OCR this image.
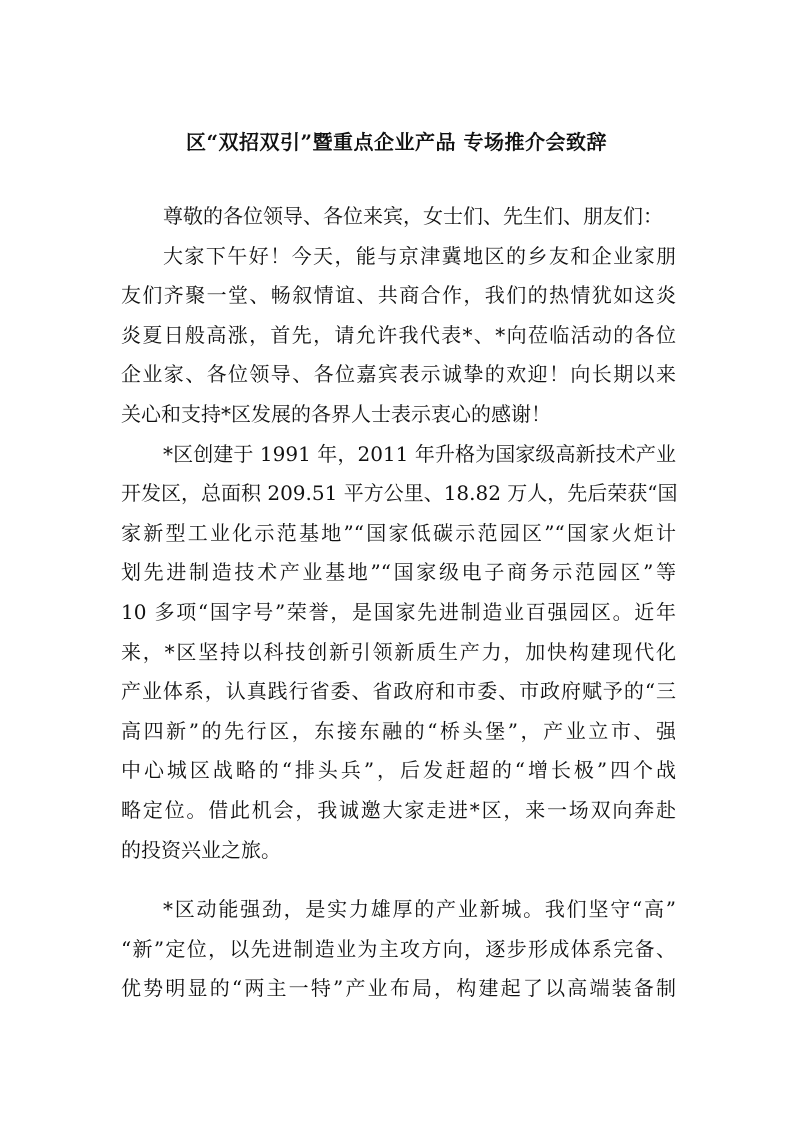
区“双招双引”暨重点企业产品 专场推介会致辞
尊敬的各位领导、各位来宾，女士们、先生们、朋友们：
大家下午好！今天，能与京津冀地区的乡友和企业家朋
友们齐聚一堂、畅叙情谊、共商合作，我们的热情犹如这炎
炎夏日般高涨，首先，请允许我代表*、*向莅临活动的各位
企业家、各位领导、各位嘉宾表示诚挚的欢迎！向长期以来
关心和支持*区发展的各界人士表示衷心的感谢！
*区创建于 1991 年，2011 年升格为国家级高新技术产业
开发区，总面积 209.51 平方公里、18.82 万人，先后荣获“国
家新型工业化示范基地”“国家低碳示范园区”“国家火炬计
划先进制造技术产业基地”“国家级电子商务示范园区”等
10 多项“国字号”荣誉，是国家先进制造业百强园区。近年
来，*区坚持以科技创新引领新质生产力，加快构建现代化
产业体系，认真践行省委、省政府和市委、市政府赋予的“三
高四新”的先行区，东接东融的“桥头堡”，产业立市、强
中心城区战略的“排头兵”，后发赶超的“增长极”四个战
略定位。借此机会，我诚邀大家走进*区，来一场双向奔赴
的投资兴业之旅。
*区动能强劲，是实力雄厚的产业新城。我们坚守“高”
“新”定位，以先进制造业为主攻方向，逐步形成体系完备、
优势明显的“两主一特”产业布局，构建起了以高端装备制
